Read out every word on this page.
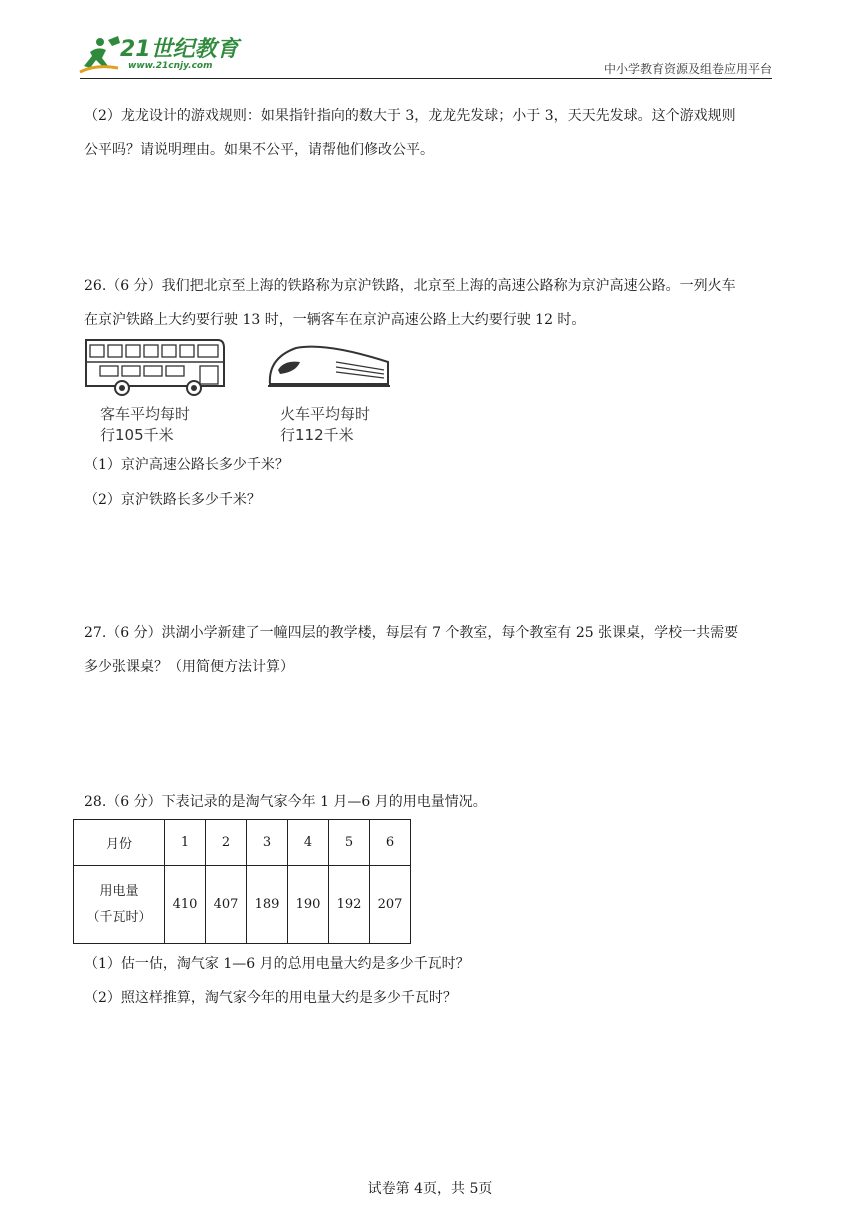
21世纪教育
www.21cnjy.com	中小学教育资源及组卷应用平台
（2）龙龙设计的游戏规则：如果指针指向的数大于 3，龙龙先发球；小于 3，天天先发球。这个游戏规则
公平吗？请说明理由。如果不公平，请帮他们修改公平。
26.（6 分）我们把北京至上海的铁路称为京沪铁路，北京至上海的高速公路称为京沪高速公路。一列火车
在京沪铁路上大约要行驶 13 时，一辆客车在京沪高速公路上大约要行驶 12 时。
客车平均每时
行105千米
火车平均每时
行112千米
（1）京沪高速公路长多少千米？
（2）京沪铁路长多少千米？
27.（6 分）洪湖小学新建了一幢四层的教学楼，每层有 7 个教室，每个教室有 25 张课桌，学校一共需要
多少张课桌？（用简便方法计算）
28.（6 分）下表记录的是淘气家今年 1 月—6 月的用电量情况。
月份	1	2	3	4	5	6

用电量
（千瓦时）	410	407	189	190	192	207
（1）估一估，淘气家 1—6 月的总用电量大约是多少千瓦时？
（2）照这样推算，淘气家今年的用电量大约是多少千瓦时？
试卷第 4页，共 5页
